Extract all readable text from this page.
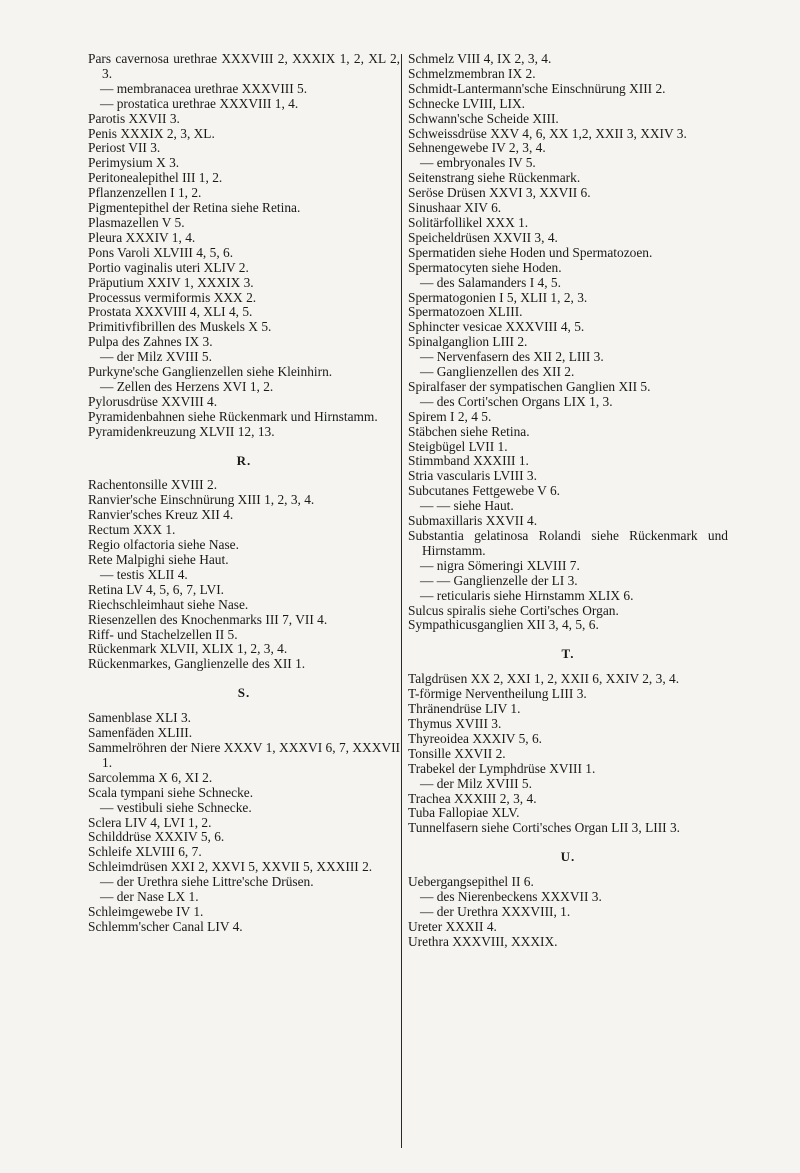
Pars cavernosa urethrae XXXVIII 2, XXXIX 1, 2, XL 2, 3.
— membranacea urethrae XXXVIII 5.
— prostatica urethrae XXXVIII 1, 4.
Parotis XXVII 3.
Penis XXXIX 2, 3, XL.
Periost VII 3.
Perimysium X 3.
Peritonealepithel III 1, 2.
Pflanzenzellen I 1, 2.
Pigmentepithel der Retina siehe Retina.
Plasmazellen V 5.
Pleura XXXIV 1, 4.
Pons Varoli XLVIII 4, 5, 6.
Portio vaginalis uteri XLIV 2.
Präputium XXIV 1, XXXIX 3.
Processus vermiformis XXX 2.
Prostata XXXVIII 4, XLI 4, 5.
Primitivfibrillen des Muskels X 5.
Pulpa des Zahnes IX 3.
— der Milz XVIII 5.
Purkyne'sche Ganglienzellen siehe Kleinhirn.
— Zellen des Herzens XVI 1, 2.
Pylorusdrüse XXVIII 4.
Pyramidenbahnen siehe Rückenmark und Hirnstamm.
Pyramidenkreuzung XLVII 12, 13.
R.
Rachentonsille XVIII 2.
Ranvier'sche Einschnürung XIII 1, 2, 3, 4.
Ranvier'sches Kreuz XII 4.
Rectum XXX 1.
Regio olfactoria siehe Nase.
Rete Malpighi siehe Haut.
— testis XLII 4.
Retina LV 4, 5, 6, 7, LVI.
Riechschleimhaut siehe Nase.
Riesenzellen des Knochenmarks III 7, VII 4.
Riff- und Stachelzellen II 5.
Rückenmark XLVII, XLIX 1, 2, 3, 4.
Rückenmarkes, Ganglienzelle des XII 1.
S.
Samenblase XLI 3.
Samenfäden XLIII.
Sammelröhren der Niere XXXV 1, XXXVI 6, 7, XXXVII 1.
Sarcolemma X 6, XI 2.
Scala tympani siehe Schnecke.
— vestibuli siehe Schnecke.
Sclera LIV 4, LVI 1, 2.
Schilddrüse XXXIV 5, 6.
Schleife XLVIII 6, 7.
Schleimdrüsen XXI 2, XXVI 5, XXVII 5, XXXIII 2.
— der Urethra siehe Littre'sche Drüsen.
— der Nase LX 1.
Schleimgewebe IV 1.
Schlemm'scher Canal LIV 4.
Schmelz VIII 4, IX 2, 3, 4.
Schmelzmembran IX 2.
Schmidt-Lantermann'sche Einschnürung XIII 2.
Schnecke LVIII, LIX.
Schwann'sche Scheide XIII.
Schweissdrüse XXV 4, 6, XX 1,2, XXII 3, XXIV 3.
Sehnengewebe IV 2, 3, 4.
— embryonales IV 5.
Seitenstrang siehe Rückenmark.
Seröse Drüsen XXVI 3, XXVII 6.
Sinushaar XIV 6.
Solitärfollikel XXX 1.
Speicheldrüsen XXVII 3, 4.
Spermatiden siehe Hoden und Spermatozoen.
Spermatocyten siehe Hoden.
— des Salamanders I 4, 5.
Spermatogonien I 5, XLII 1, 2, 3.
Spermatozoen XLIII.
Sphincter vesicae XXXVIII 4, 5.
Spinalganglion LIII 2.
— Nervenfasern des XII 2, LIII 3.
— Ganglienzellen des XII 2.
Spiralfaser der sympatischen Ganglien XII 5.
— des Corti'schen Organs LIX 1, 3.
Spirem I 2, 4 5.
Stäbchen siehe Retina.
Steigbügel LVII 1.
Stimmband XXXIII 1.
Stria vascularis LVIII 3.
Subcutanes Fettgewebe V 6.
— — siehe Haut.
Submaxillaris XXVII 4.
Substantia gelatinosa Rolandi siehe Rückenmark und Hirnstamm.
— nigra Sömeringi XLVIII 7.
— — Ganglienzelle der LI 3.
— reticularis siehe Hirnstamm XLIX 6.
Sulcus spiralis siehe Corti'sches Organ.
Sympathicusganglien XII 3, 4, 5, 6.
T.
Talgdrüsen XX 2, XXI 1, 2, XXII 6, XXIV 2, 3, 4.
T-förmige Nerventheilung LIII 3.
Thränendrüse LIV 1.
Thymus XVIII 3.
Thyreoidea XXXIV 5, 6.
Tonsille XXVII 2.
Trabekel der Lymphdrüse XVIII 1.
— der Milz XVIII 5.
Trachea XXXIII 2, 3, 4.
Tuba Fallopiae XLV.
Tunnelfasern siehe Corti'sches Organ LII 3, LIII 3.
U.
Uebergangsepithel II 6.
— des Nierenbeckens XXXVII 3.
— der Urethra XXXVIII, 1.
Ureter XXXII 4.
Urethra XXXVIII, XXXIX.
